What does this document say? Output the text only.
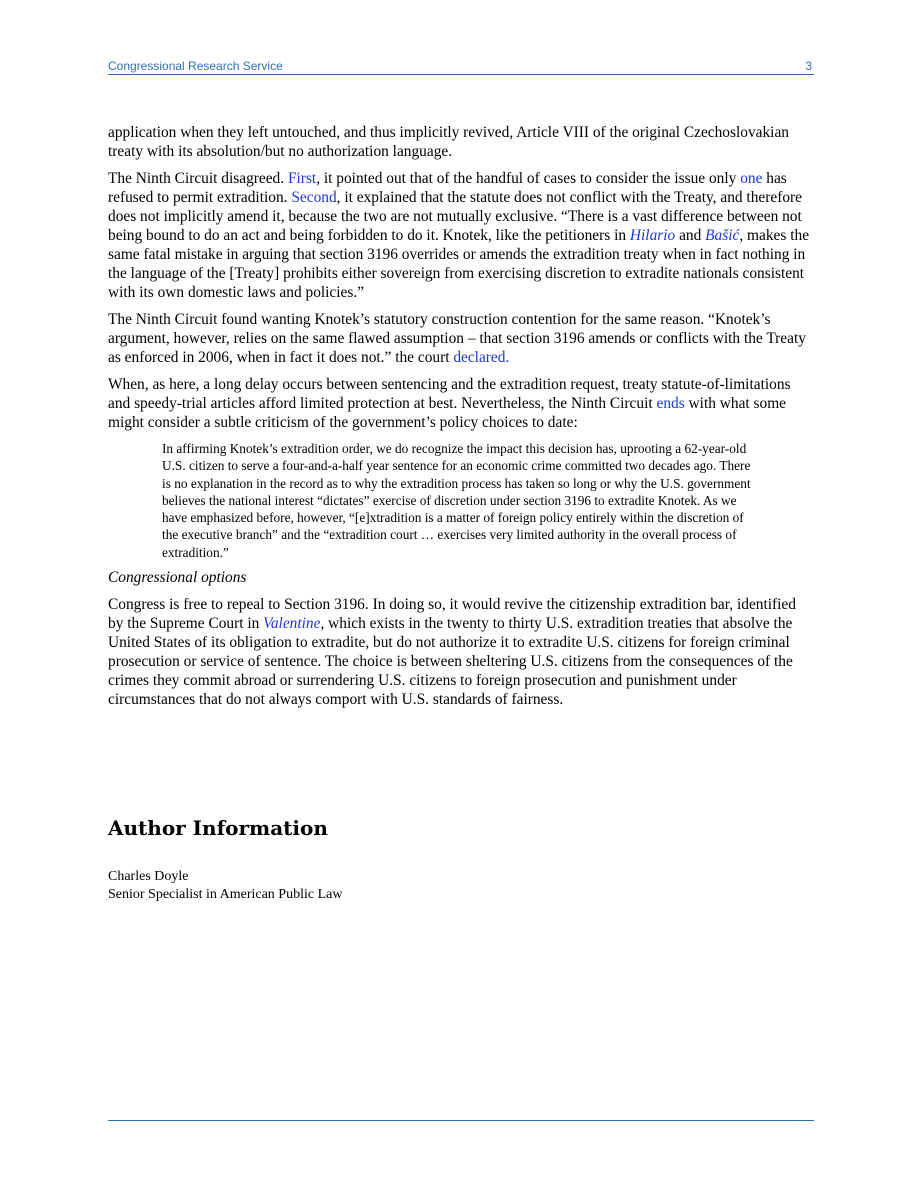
Congressional Research Service	3

application when they left untouched, and thus implicitly revived, Article VIII of the original Czechoslovakian treaty with its absolution/but no authorization language.

The Ninth Circuit disagreed. First, it pointed out that of the handful of cases to consider the issue only one has refused to permit extradition. Second, it explained that the statute does not conflict with the Treaty, and therefore does not implicitly amend it, because the two are not mutually exclusive. “There is a vast difference between not being bound to do an act and being forbidden to do it. Knotek, like the petitioners in Hilario and Bašić, makes the same fatal mistake in arguing that section 3196 overrides or amends the extradition treaty when in fact nothing in the language of the [Treaty] prohibits either sovereign from exercising discretion to extradite nationals consistent with its own domestic laws and policies.”

The Ninth Circuit found wanting Knotek’s statutory construction contention for the same reason. “Knotek’s argument, however, relies on the same flawed assumption – that section 3196 amends or conflicts with the Treaty as enforced in 2006, when in fact it does not.” the court declared.

When, as here, a long delay occurs between sentencing and the extradition request, treaty statute-of-limitations and speedy-trial articles afford limited protection at best. Nevertheless, the Ninth Circuit ends with what some might consider a subtle criticism of the government’s policy choices to date:

In affirming Knotek’s extradition order, we do recognize the impact this decision has, uprooting a 62-year-old U.S. citizen to serve a four-and-a-half year sentence for an economic crime committed two decades ago. There is no explanation in the record as to why the extradition process has taken so long or why the U.S. government believes the national interest “dictates” exercise of discretion under section 3196 to extradite Knotek. As we have emphasized before, however, “[e]xtradition is a matter of foreign policy entirely within the discretion of the executive branch” and the “extradition court … exercises very limited authority in the overall process of extradition.”

Congressional options

Congress is free to repeal to Section 3196. In doing so, it would revive the citizenship extradition bar, identified by the Supreme Court in Valentine, which exists in the twenty to thirty U.S. extradition treaties that absolve the United States of its obligation to extradite, but do not authorize it to extradite U.S. citizens for foreign criminal prosecution or service of sentence. The choice is between sheltering U.S. citizens from the consequences of the crimes they commit abroad or surrendering U.S. citizens to foreign prosecution and punishment under circumstances that do not always comport with U.S. standards of fairness.

Author Information
Charles Doyle
Senior Specialist in American Public Law
